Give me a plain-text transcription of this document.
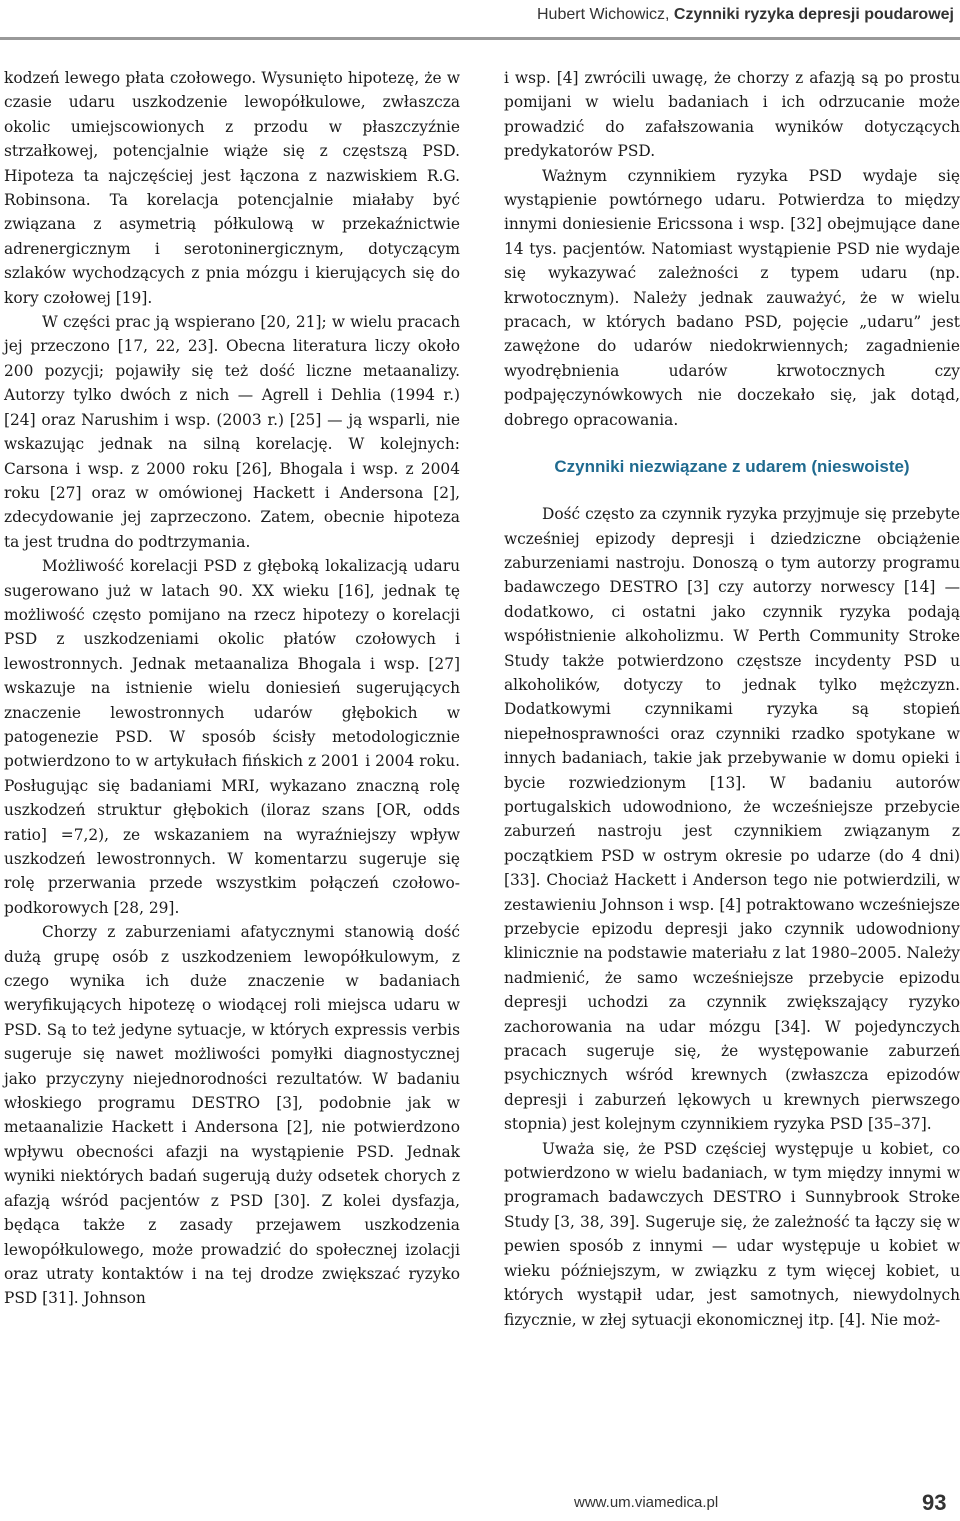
Hubert Wichowicz, Czynniki ryzyka depresji poudarowej

kodzeń lewego płata czołowego. Wysunięto hipotezę, że w czasie udaru uszkodzenie lewopółkulowe, zwłaszcza okolic umiejscowionych z przodu w płaszczyźnie strzałkowej, potencjalnie wiąże się z częstszą PSD. Hipoteza ta najczęściej jest łączona z nazwiskiem R.G. Robinsona. Ta korelacja potencjalnie miałaby być związana z asymetrią półkulową w przekaźnictwie adrenergicznym i serotoninergicznym, dotyczącym szlaków wychodzących z pnia mózgu i kierujących się do kory czołowej [19].

W części prac ją wspierano [20, 21]; w wielu pracach jej przeczono [17, 22, 23]. Obecna literatura liczy około 200 pozycji; pojawiły się też dość liczne metaanalizy. Autorzy tylko dwóch z nich — Agrell i Dehlia (1994 r.) [24] oraz Narushim i wsp. (2003 r.) [25] — ją wsparli, nie wskazując jednak na silną korelację. W kolejnych: Carsona i wsp. z 2000 roku [26], Bhogala i wsp. z 2004 roku [27] oraz w omówionej Hackett i Andersona [2], zdecydowanie jej zaprzeczono. Zatem, obecnie hipoteza ta jest trudna do podtrzymania.

Możliwość korelacji PSD z głęboką lokalizacją udaru sugerowano już w latach 90. XX wieku [16], jednak tę możliwość często pomijano na rzecz hipotezy o korelacji PSD z uszkodzeniami okolic płatów czołowych i lewostronnych. Jednak metaanaliza Bhogala i wsp. [27] wskazuje na istnienie wielu doniesień sugerujących znaczenie lewostronnych udarów głębokich w patogenezie PSD. W sposób ścisły metodologicznie potwierdzono to w artykułach fińskich z 2001 i 2004 roku. Posługując się badaniami MRI, wykazano znaczną rolę uszkodzeń struktur głębokich (iloraz szans [OR, odds ratio] =7,2), ze wskazaniem na wyraźniejszy wpływ uszkodzeń lewostronnych. W komentarzu sugeruje się rolę przerwania przede wszystkim połączeń czołowo-podkorowych [28, 29].

Chorzy z zaburzeniami afatycznymi stanowią dość dużą grupę osób z uszkodzeniem lewopółkulowym, z czego wynika ich duże znaczenie w badaniach weryfikujących hipotezę o wiodącej roli miejsca udaru w PSD. Są to też jedyne sytuacje, w których expressis verbis sugeruje się nawet możliwości pomyłki diagnostycznej jako przyczyny niejednorodności rezultatów. W badaniu włoskiego programu DESTRO [3], podobnie jak w metaanalizie Hackett i Andersona [2], nie potwierdzono wpływu obecności afazji na wystąpienie PSD. Jednak wyniki niektórych badań sugerują duży odsetek chorych z afazją wśród pacjentów z PSD [30]. Z kolei dysfazja, będąca także z zasady przejawem uszkodzenia lewopółkulowego, może prowadzić do społecznej izolacji oraz utraty kontaktów i na tej drodze zwiększać ryzyko PSD [31]. Johnson

i wsp. [4] zwrócili uwagę, że chorzy z afazją są po prostu pomijani w wielu badaniach i ich odrzucanie może prowadzić do zafałszowania wyników dotyczących predykatorów PSD.

Ważnym czynnikiem ryzyka PSD wydaje się wystąpienie powtórnego udaru. Potwierdza to między innymi doniesienie Ericssona i wsp. [32] obejmujące dane 14 tys. pacjentów. Natomiast wystąpienie PSD nie wydaje się wykazywać zależności z typem udaru (np. krwotocznym). Należy jednak zauważyć, że w wielu pracach, w których badano PSD, pojęcie „udaru” jest zawężone do udarów niedokrwiennych; zagadnienie wyodrębnienia udarów krwotocznych czy podpajęczynówkowych nie doczekało się, jak dotąd, dobrego opracowania.

Czynniki niezwiązane z udarem (nieswoiste)

Dość często za czynnik ryzyka przyjmuje się przebyte wcześniej epizody depresji i dziedziczne obciążenie zaburzeniami nastroju. Donoszą o tym autorzy programu badawczego DESTRO [3] czy autorzy norwescy [14] — dodatkowo, ci ostatni jako czynnik ryzyka podają współistnienie alkoholizmu. W Perth Community Stroke Study także potwierdzono częstsze incydenty PSD u alkoholików, dotyczy to jednak tylko mężczyzn. Dodatkowymi czynnikami ryzyka są stopień niepełnosprawności oraz czynniki rzadko spotykane w innych badaniach, takie jak przebywanie w domu opieki i bycie rozwiedzionym [13]. W badaniu autorów portugalskich udowodniono, że wcześniejsze przebycie zaburzeń nastroju jest czynnikiem związanym z początkiem PSD w ostrym okresie po udarze (do 4 dni) [33]. Chociaż Hackett i Anderson tego nie potwierdzili, w zestawieniu Johnson i wsp. [4] potraktowano wcześniejsze przebycie epizodu depresji jako czynnik udowodniony klinicznie na podstawie materiału z lat 1980–2005. Należy nadmienić, że samo wcześniejsze przebycie epizodu depresji uchodzi za czynnik zwiększający ryzyko zachorowania na udar mózgu [34]. W pojedynczych pracach sugeruje się, że występowanie zaburzeń psychicznych wśród krewnych (zwłaszcza epizodów depresji i zaburzeń lękowych u krewnych pierwszego stopnia) jest kolejnym czynnikiem ryzyka PSD [35–37].

Uważa się, że PSD częściej występuje u kobiet, co potwierdzono w wielu badaniach, w tym między innymi w programach badawczych DESTRO i Sunnybrook Stroke Study [3, 38, 39]. Sugeruje się, że zależność ta łączy się w pewien sposób z innymi — udar występuje u kobiet w wieku późniejszym, w związku z tym więcej kobiet, u których wystąpił udar, jest samotnych, niewydolnych fizycznie, w złej sytuacji ekonomicznej itp. [4]. Nie moż-

www.um.viamedica.pl	93
